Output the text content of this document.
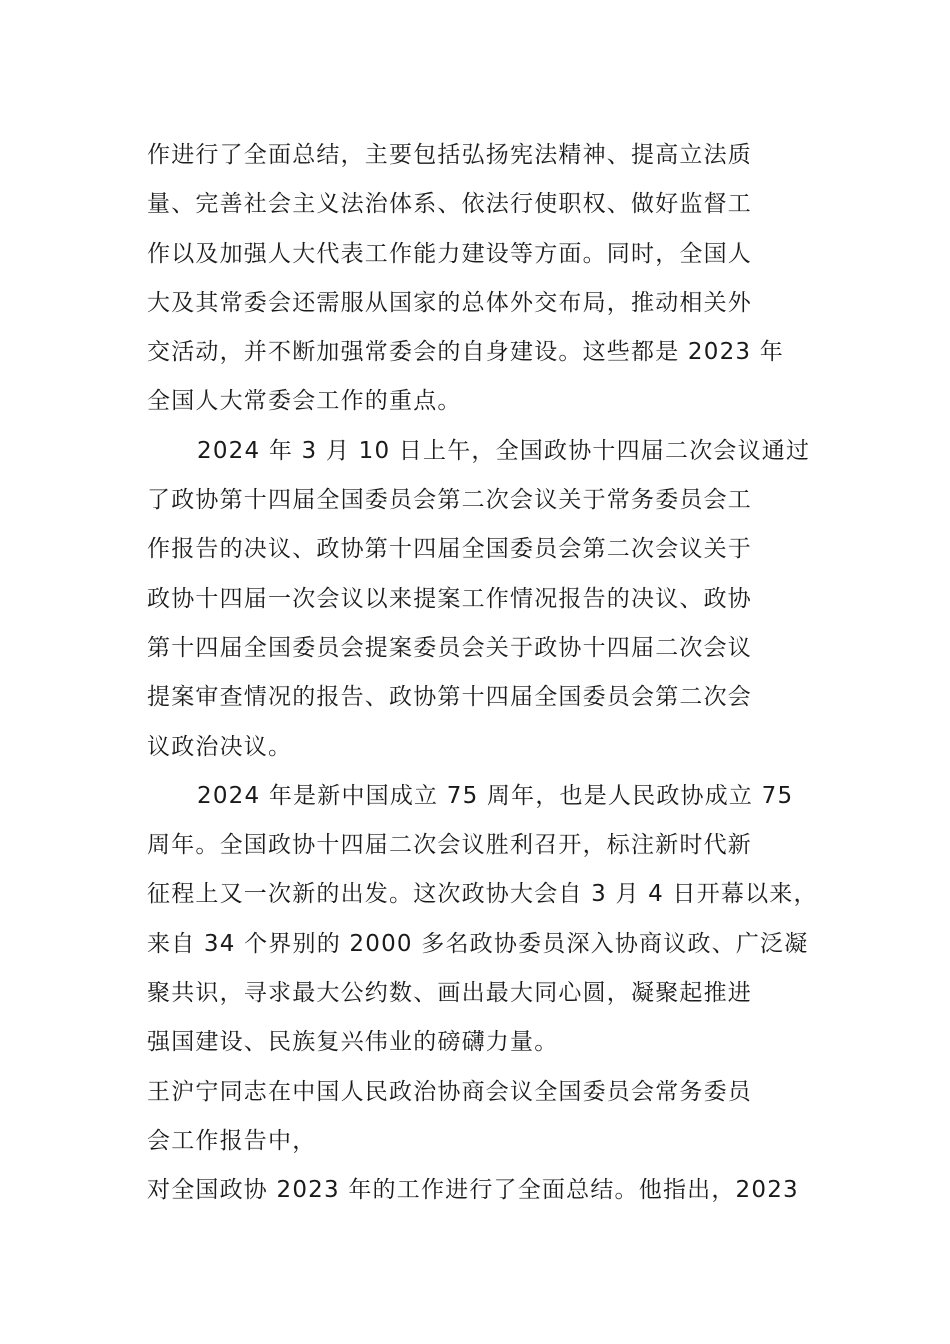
作进行了全面总结，主要包括弘扬宪法精神、提高立法质
量、完善社会主义法治体系、依法行使职权、做好监督工
作以及加强人大代表工作能力建设等方面。同时，全国人
大及其常委会还需服从国家的总体外交布局，推动相关外
交活动，并不断加强常委会的自身建设。这些都是 2023 年
全国人大常委会工作的重点。
2024 年 3 月 10 日上午，全国政协十四届二次会议通过
了政协第十四届全国委员会第二次会议关于常务委员会工
作报告的决议、政协第十四届全国委员会第二次会议关于
政协十四届一次会议以来提案工作情况报告的决议、政协
第十四届全国委员会提案委员会关于政协十四届二次会议
提案审查情况的报告、政协第十四届全国委员会第二次会
议政治决议。
2024 年是新中国成立 75 周年，也是人民政协成立 75
周年。全国政协十四届二次会议胜利召开，标注新时代新
征程上又一次新的出发。这次政协大会自 3 月 4 日开幕以来，
来自 34 个界别的 2000 多名政协委员深入协商议政、广泛凝
聚共识，寻求最大公约数、画出最大同心圆，凝聚起推进
强国建设、民族复兴伟业的磅礴力量。
王沪宁同志在中国人民政治协商会议全国委员会常务委员
会工作报告中，
对全国政协 2023 年的工作进行了全面总结。他指出，2023
